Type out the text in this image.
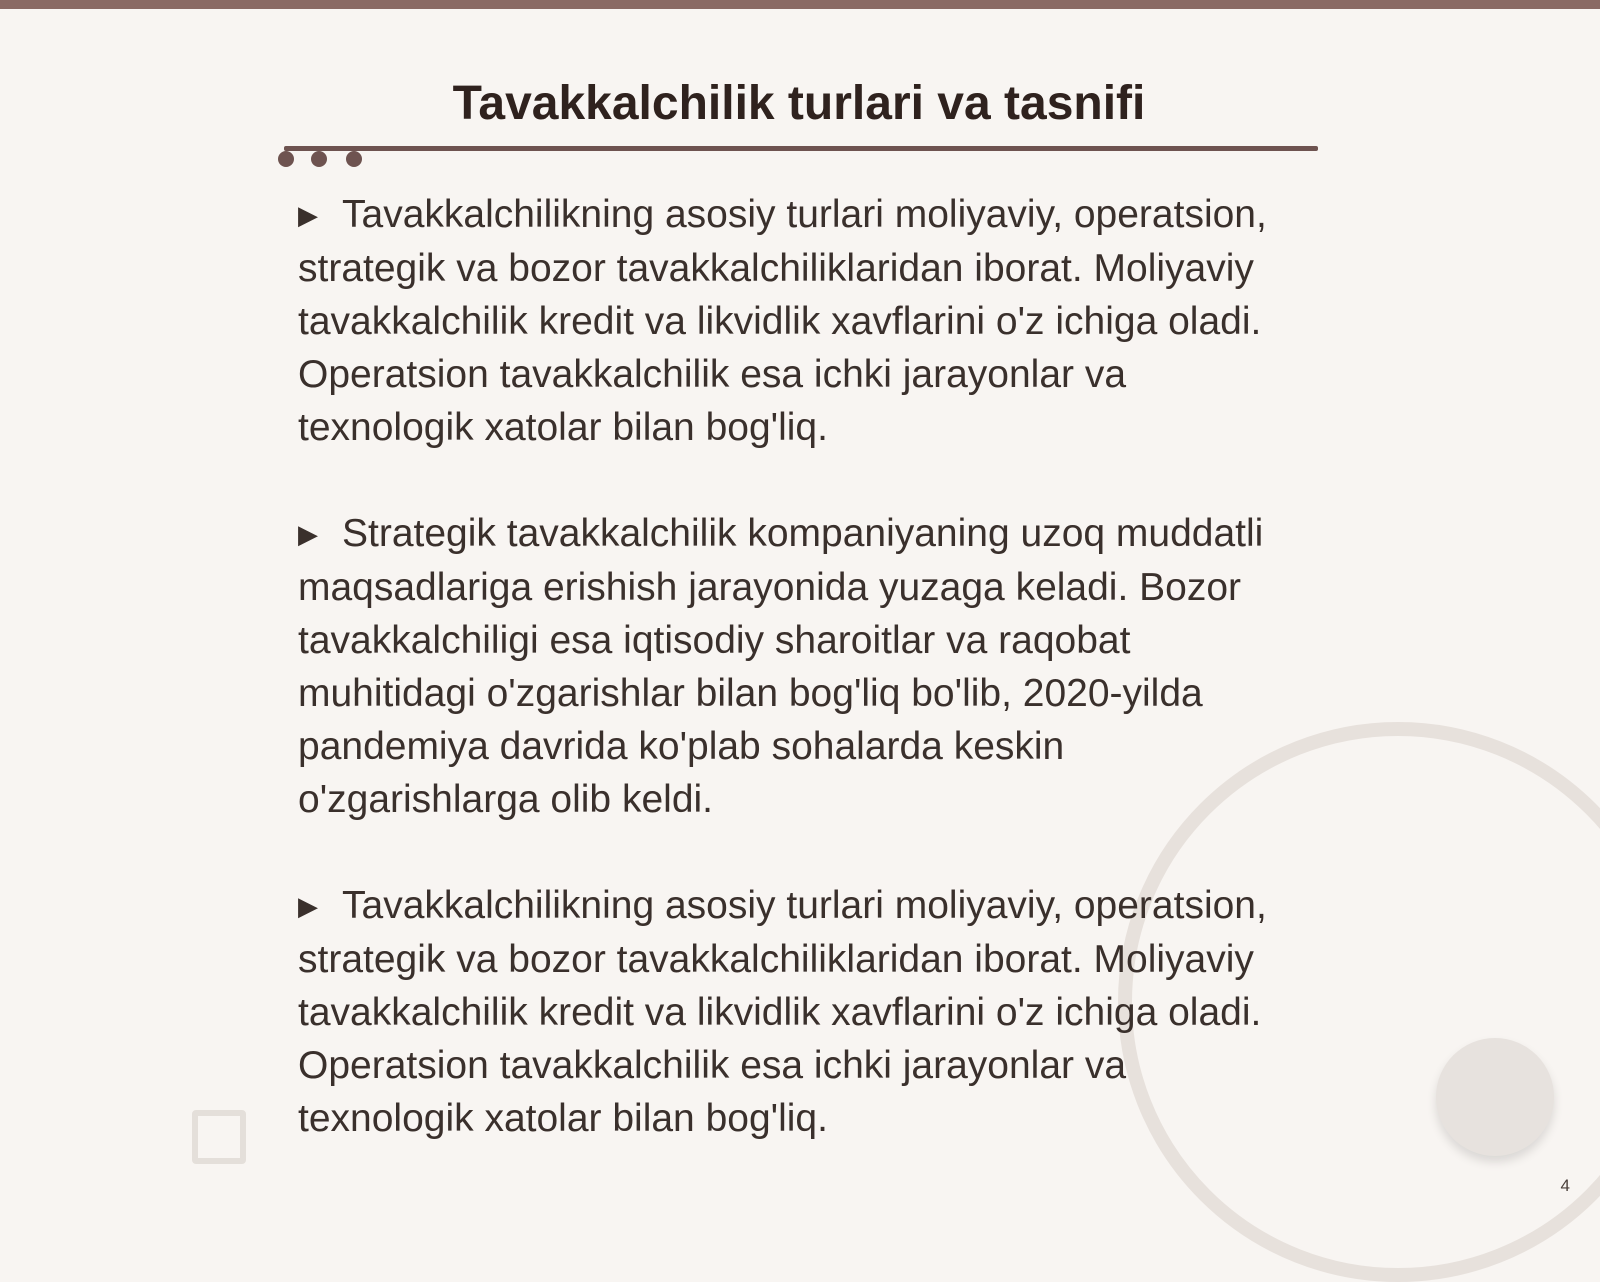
Tavakkalchilik turlari va tasnifi
▶ Tavakkalchilikning asosiy turlari moliyaviy, operatsion, strategik va bozor tavakkalchiliklaridan iborat. Moliyaviy tavakkalchilik kredit va likvidlik xavflarini o'z ichiga oladi. Operatsion tavakkalchilik esa ichki jarayonlar va texnologik xatolar bilan bog'liq.
▶ Strategik tavakkalchilik kompaniyaning uzoq muddatli maqsadlariga erishish jarayonida yuzaga keladi. Bozor tavakkalchiligi esa iqtisodiy sharoitlar va raqobat muhitidagi o'zgarishlar bilan bog'liq bo'lib, 2020-yilda pandemiya davrida ko'plab sohalarda keskin o'zgarishlarga olib keldi.
▶ Tavakkalchilikning asosiy turlari moliyaviy, operatsion, strategik va bozor tavakkalchiliklaridan iborat. Moliyaviy tavakkalchilik kredit va likvidlik xavflarini o'z ichiga oladi. Operatsion tavakkalchilik esa ichki jarayonlar va texnologik xatolar bilan bog'liq.
4
